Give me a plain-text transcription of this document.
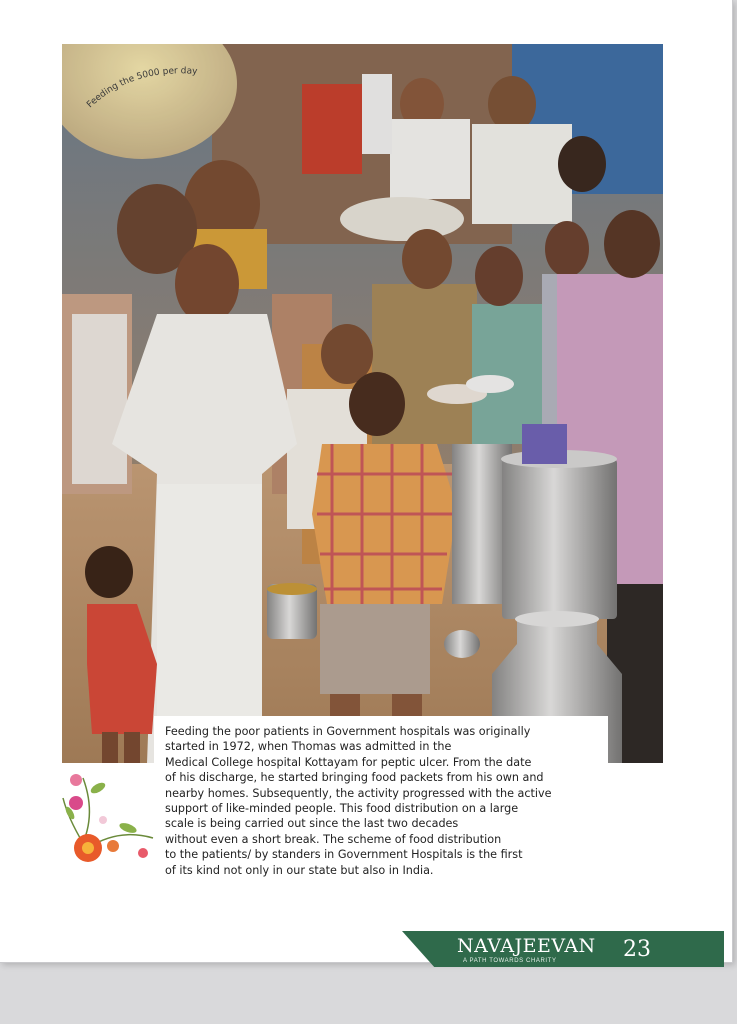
Feeding the 5000 per day
Feeding the poor patients in Government hospitals was originally
started in 1972, when Thomas was admitted in the
Medical College hospital Kottayam for peptic ulcer. From the date
of his discharge, he started bringing food packets from his own and
nearby homes. Subsequently, the activity progressed with the active
support of like-minded people. This food distribution on a large
scale is being carried out since the last two decades
without even a short break. The scheme of food distribution
to the patients/ by standers in Government Hospitals is the first
of its kind not only in our state but also in India.
NAVAJEEVAN 23
A PATH TOWARDS CHARITY
